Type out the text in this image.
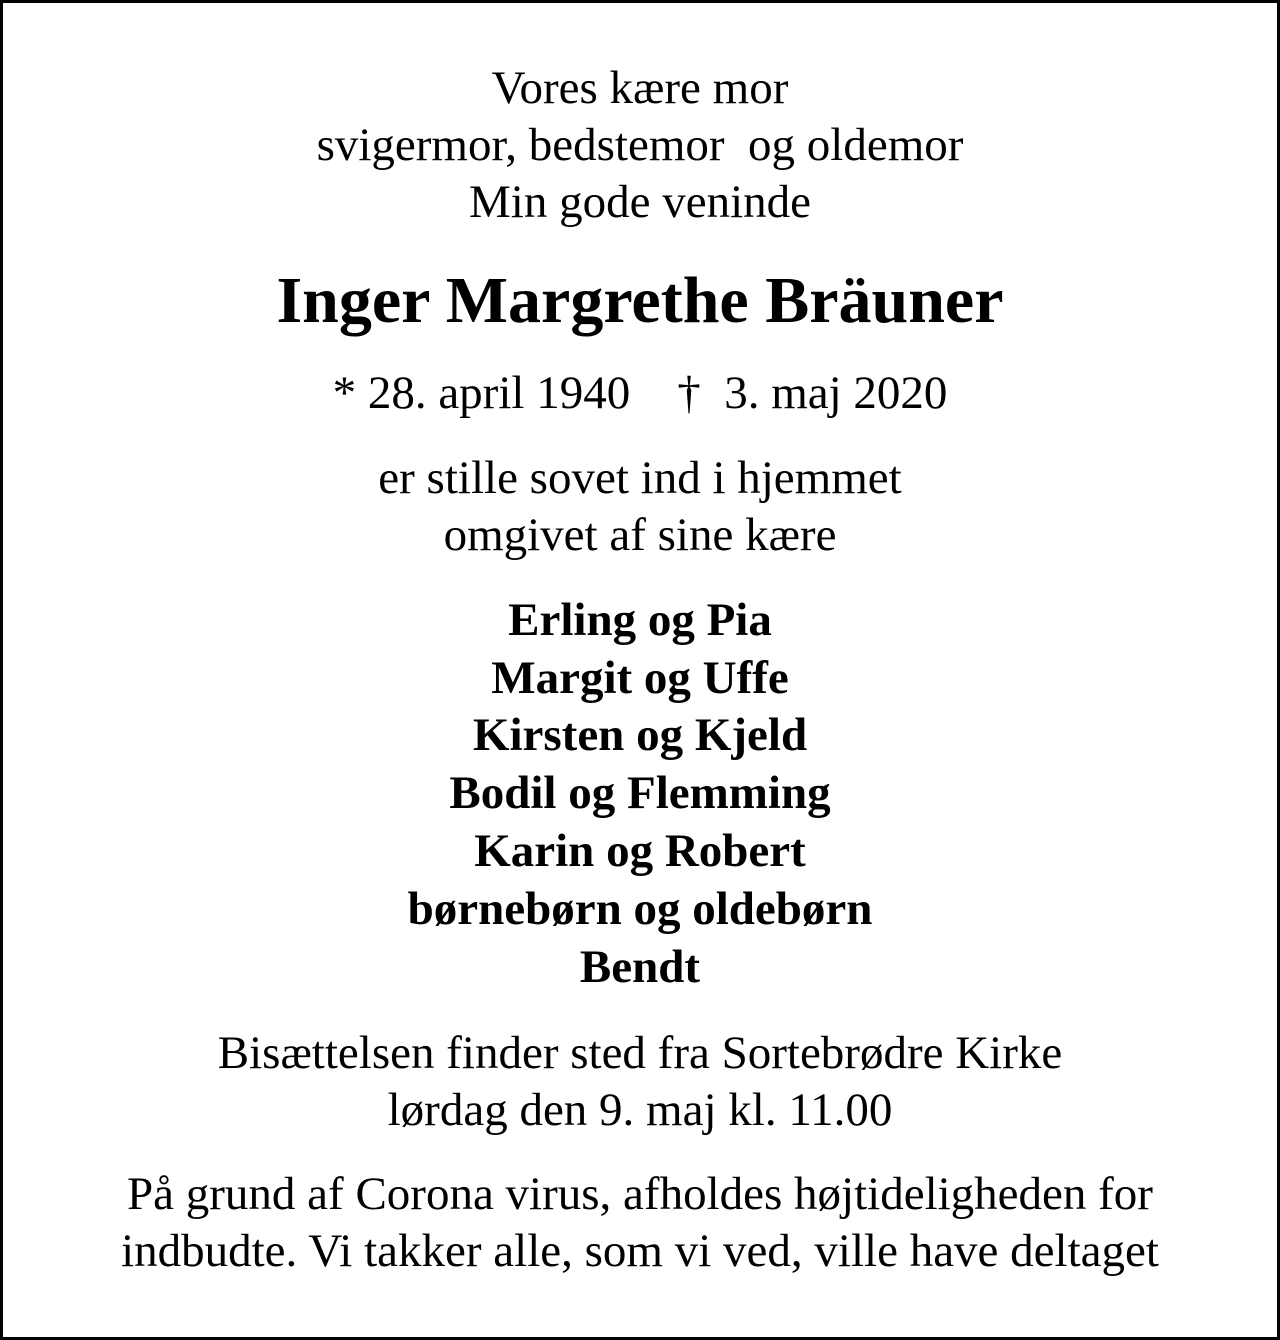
Vores kære mor
svigermor, bedstemor  og oldemor
Min gode veninde
Inger Margrethe Bräuner
* 28. april 1940    †  3. maj 2020
er stille sovet ind i hjemmet
omgivet af sine kære
Erling og Pia
Margit og Uffe
Kirsten og Kjeld
Bodil og Flemming
Karin og Robert
børnebørn og oldebørn
Bendt
Bisættelsen finder sted fra Sortebrødre Kirke
lørdag den 9. maj kl. 11.00
På grund af Corona virus, afholdes højtideligheden for
indbudte. Vi takker alle, som vi ved, ville have deltaget
